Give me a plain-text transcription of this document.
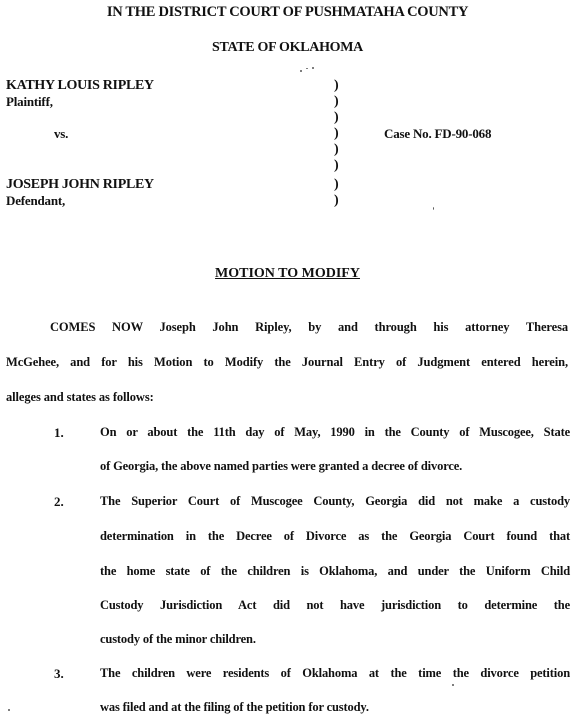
IN THE DISTRICT COURT OF PUSHMATAHA COUNTY
STATE OF OKLAHOMA
KATHY LOUIS RIPLEY
Plaintiff,
vs.
JOSEPH JOHN RIPLEY
Defendant,
)
)
)
)
)
)
)
)
Case No. FD-90-068
MOTION TO MODIFY
COMES NOW Joseph John Ripley, by and through his attorney Theresa
McGehee, and for his Motion to Modify the Journal Entry of Judgment entered herein,
alleges and states as follows:
1.	On or about the 11th day of May, 1990 in the County of Muscogee, State
of Georgia, the above named parties were granted a decree of divorce.
2.	The Superior Court of Muscogee County, Georgia did not make a custody
determination in the Decree of Divorce as the Georgia Court found that
the home state of the children is Oklahoma, and under the Uniform Child
Custody Jurisdiction Act did not have jurisdiction to determine the
custody of the minor children.
3.	The children were residents of Oklahoma at the time the divorce petition
was filed and at the filing of the petition for custody.
